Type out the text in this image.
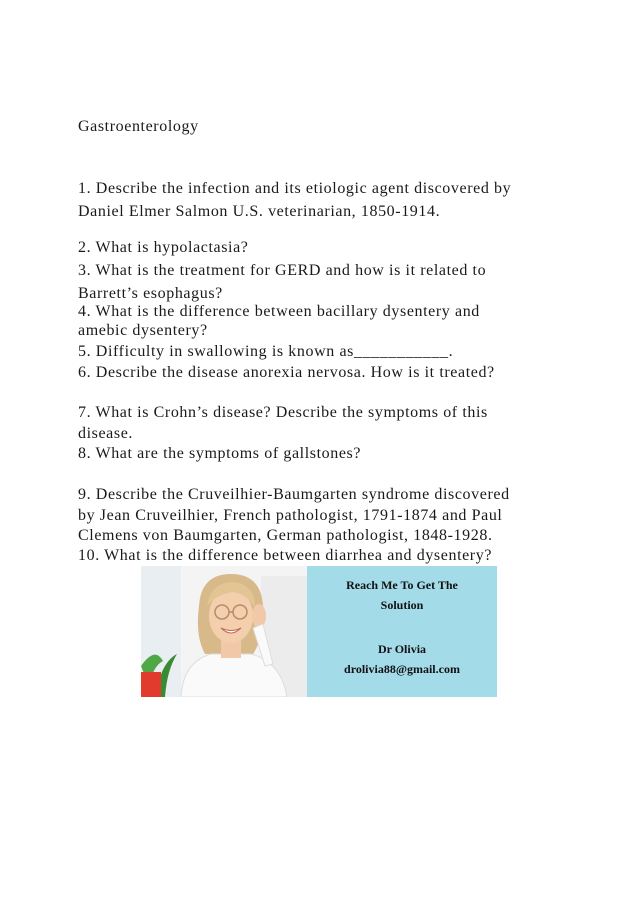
Gastroenterology
1. Describe the infection and its etiologic agent discovered by
Daniel Elmer Salmon U.S. veterinarian, 1850-1914.
2. What is hypolactasia?
3. What is the treatment for GERD and how is it related to
Barrett’s esophagus?
4. What is the difference between bacillary dysentery and
amebic dysentery?
5. Difficulty in swallowing is known as___________.
6. Describe the disease anorexia nervosa. How is it treated?
7. What is Crohn’s disease? Describe the symptoms of this
disease.
8. What are the symptoms of gallstones?
9. Describe the Cruveilhier-Baumgarten syndrome discovered
by Jean Cruveilhier, French pathologist, 1791-1874 and Paul
Clemens von Baumgarten, German pathologist, 1848-1928.
10. What is the difference between diarrhea and dysentery?
Reach Me To Get The
Solution
Dr Olivia
drolivia88@gmail.com
